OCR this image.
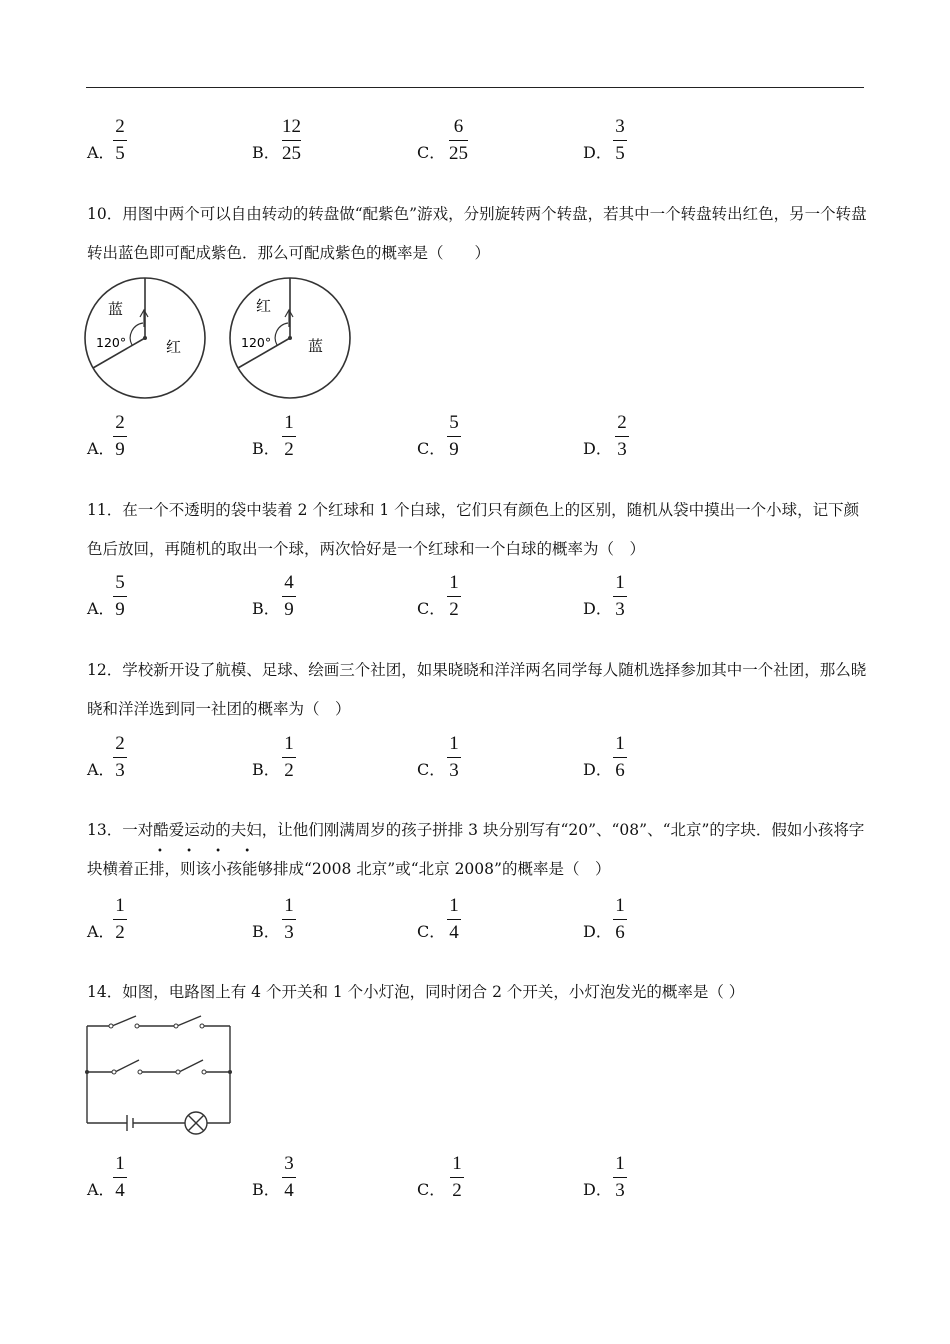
A．
2
5	B．
12
25	C．
6
25	D．
3
5
10．用图中两个可以自由转动的转盘做“配紫色”游戏，分别旋转两个转盘，若其中一个转盘转出红色，另一个转盘转出蓝色即可配成紫色．那么可配成紫色的概率是（　　）
蓝
120°	红
红
120° 蓝
A．
2
9	B．
1
2	C．
5
9	D．
2
3
11．在一个不透明的袋中装着 2 个红球和 1 个白球，它们只有颜色上的区别，随机从袋中摸出一个小球，记下颜色后放回，再随机的取出一个球，两次恰好是一个红球和一个白球的概率为（　）
A．
5
9	B．
4
9	C．
1
2	D．
1
3
12．学校新开设了航模、足球、绘画三个社团，如果晓晓和洋洋两名同学每人随机选择参加其中一个社团，那么晓晓和洋洋选到同一社团的概率为（　）
A．
2
3	B．
1
2	C．
1
3	D．
1
6
13．一对酷爱运动的夫妇，让他们刚满周岁的孩子拼排 3 块分别写有“20”、“08”、“北京”的字块．假如小孩将字块横着正排，则该小孩能够排成“2008 北京”或“北京 2008”的概率是（　）
• • • •
A．
1
2	B．
1
3	C．
1
4	D．
1
6
14．如图，电路图上有 4 个开关和 1 个小灯泡，同时闭合 2 个开关，小灯泡发光的概率是（ ）
A．
1
4	B．
3
4	C．
1
2	D．
1
3
